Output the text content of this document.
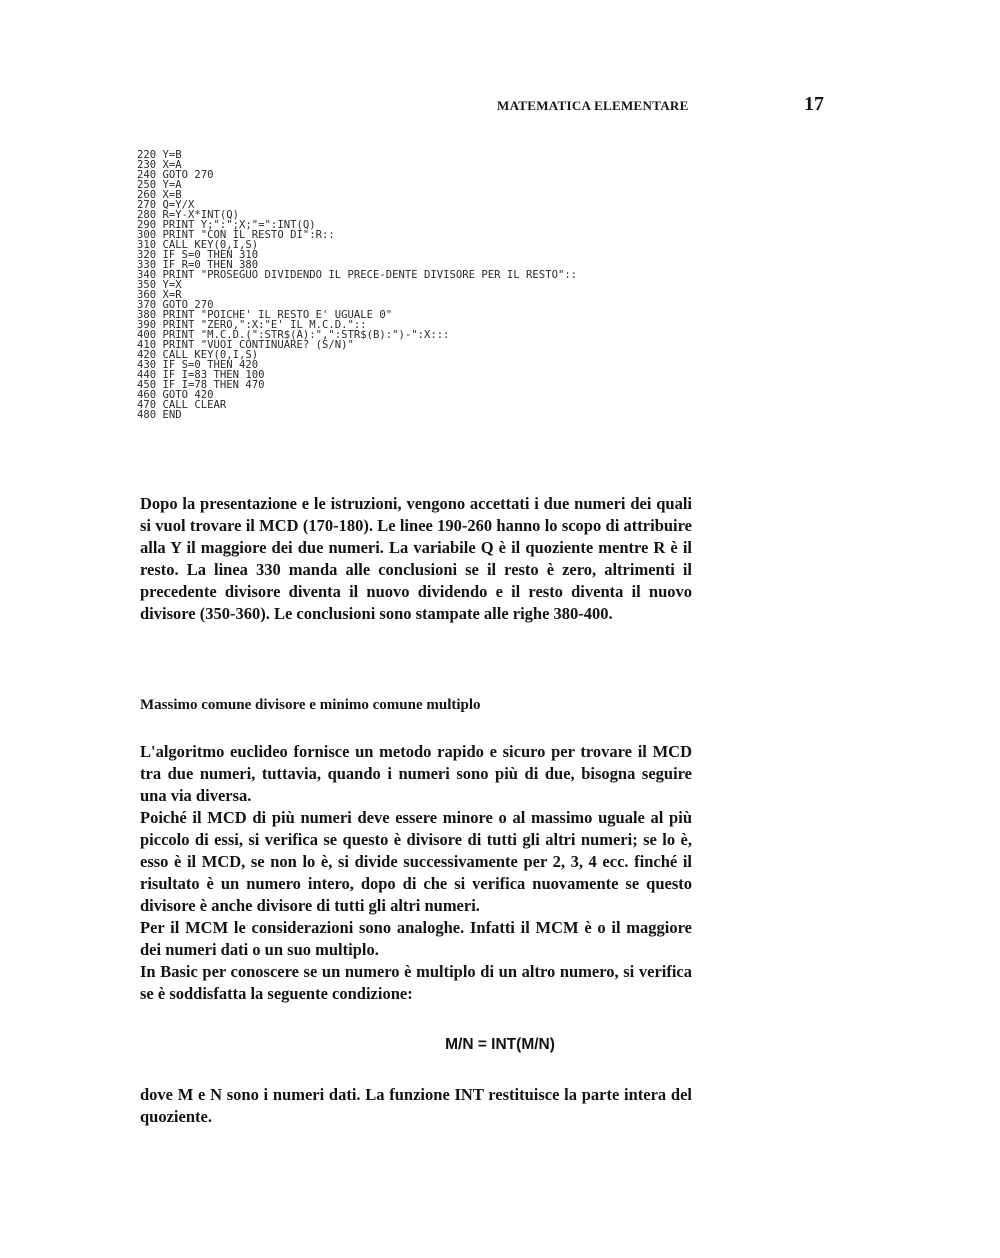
MATEMATICA ELEMENTARE	17
220 Y=B
230 X=A
240 GOTO 270
250 Y=A
260 X=B
270 Q=Y/X
280 R=Y-X*INT(Q)
290 PRINT Y;":";X;"=":INT(Q)
300 PRINT "CON IL RESTO DI":R::
310 CALL KEY(0,I,S)
320 IF S=0 THEN 310
330 IF R=0 THEN 380
340 PRINT "PROSEGUO DIVIDENDO IL PRECE-DENTE DIVISORE PER IL RESTO"::
350 Y=X
360 X=R
370 GOTO 270
380 PRINT "POICHE' IL RESTO E' UGUALE 0"
390 PRINT "ZERO,":X:"E' IL M.C.D."::
400 PRINT "M.C.D.(":STR$(A):",":STR$(B):")-":X:::
410 PRINT "VUOI CONTINUARE? (S/N)"
420 CALL KEY(0,I,S)
430 IF S=0 THEN 420
440 IF I=83 THEN 100
450 IF I=78 THEN 470
460 GOTO 420
470 CALL CLEAR
480 END

Dopo la presentazione e le istruzioni, vengono accettati i due numeri dei quali si vuol trovare il MCD (170-180). Le linee 190-260 hanno lo scopo di attribuire alla Y il maggiore dei due numeri. La variabile Q è il quoziente mentre R è il resto. La linea 330 manda alle conclusioni se il resto è zero, altrimenti il precedente divisore diventa il nuovo dividendo e il resto diventa il nuovo divisore (350-360). Le conclusioni sono stampate alle righe 380-400.

Massimo comune divisore e minimo comune multiplo

L'algoritmo euclideo fornisce un metodo rapido e sicuro per trovare il MCD tra due numeri, tuttavia, quando i numeri sono più di due, bisogna seguire una via diversa.

Poiché il MCD di più numeri deve essere minore o al massimo uguale al più piccolo di essi, si verifica se questo è divisore di tutti gli altri numeri; se lo è, esso è il MCD, se non lo è, si divide successivamente per 2, 3, 4 ecc. finché il risultato è un numero intero, dopo di che si verifica nuovamente se questo divisore è anche divisore di tutti gli altri numeri.

Per il MCM le considerazioni sono analoghe. Infatti il MCM è o il maggiore dei numeri dati o un suo multiplo.

In Basic per conoscere se un numero è multiplo di un altro numero, si verifica se è soddisfatta la seguente condizione:

M/N = INT(M/N)

dove M e N sono i numeri dati. La funzione INT restituisce la parte intera del quoziente.
